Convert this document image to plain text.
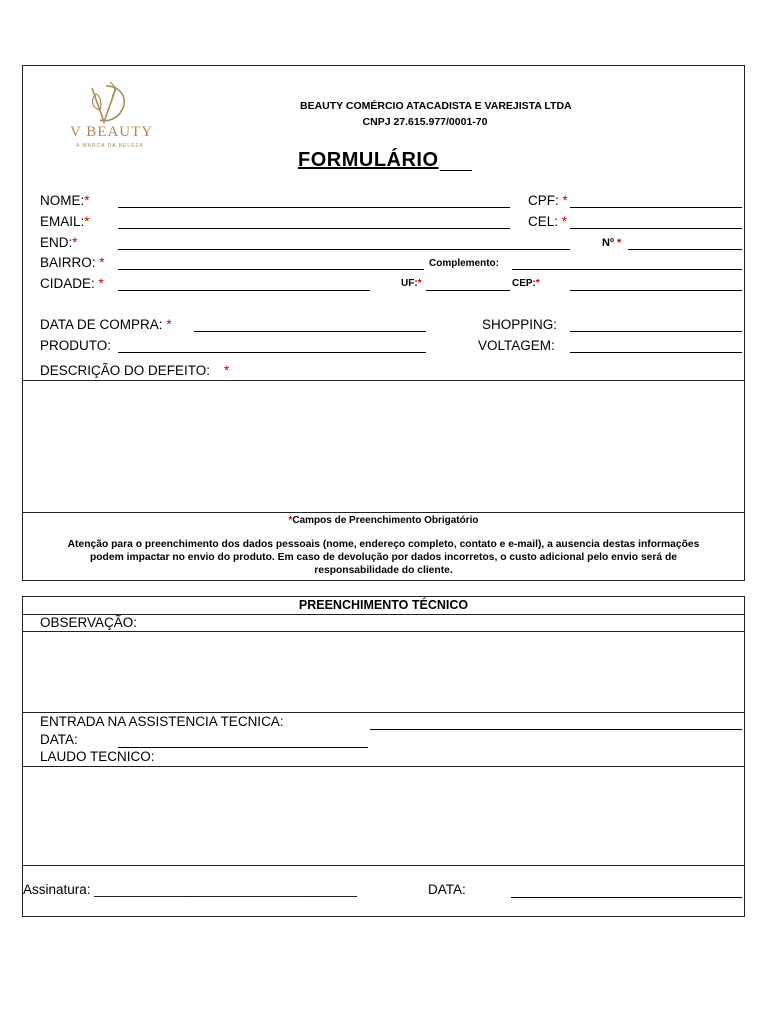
V BEAUTY
A MARCA DA BELEZA
BEAUTY COMÉRCIO ATACADISTA E VAREJISTA LTDA
CNPJ 27.615.977/0001-70
FORMULÁRIO
NOME:*	CPF: *
EMAIL:*	CEL: *
END:*	Nº *
BAIRRO: *	Complemento:
CIDADE: *	UF:*	CEP:*
DATA DE COMPRA: *	SHOPPING:
PRODUTO:	VOLTAGEM:
DESCRIÇÃO DO DEFEITO: *
*Campos de Preenchimento Obrigatório
Atenção para o preenchimento dos dados pessoais (nome, endereço completo, contato e e-mail), a ausencia destas informações
podem impactar no envio do produto. Em caso de devolução por dados incorretos, o custo adicional pelo envio será de
responsabilidade do cliente.
PREENCHIMENTO TÉCNICO
OBSERVAÇÃO:
ENTRADA NA ASSISTENCIA TECNICA:
DATA:
LAUDO TECNICO:
Assinatura: ___________________________________	DATA:
